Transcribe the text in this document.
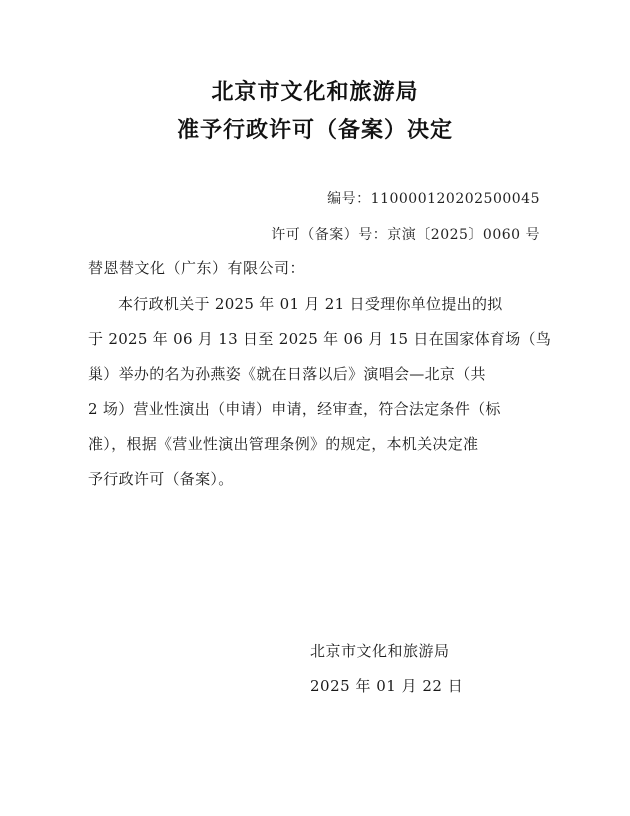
北京市文化和旅游局
准予行政许可（备案）决定
编号：110000120202500045
许可（备案）号：京演〔2025〕0060 号
替恩替文化（广东）有限公司：
本行政机关于 2025 年 01 月 21 日受理你单位提出的拟
于 2025 年 06 月 13 日至 2025 年 06 月 15 日在国家体育场（鸟
巢）举办的名为孙燕姿《就在日落以后》演唱会—北京（共
2 场）营业性演出（申请）申请，经审查，符合法定条件（标
准），根据《营业性演出管理条例》的规定，本机关决定准
予行政许可（备案）。
北京市文化和旅游局
2025 年 01 月 22 日
